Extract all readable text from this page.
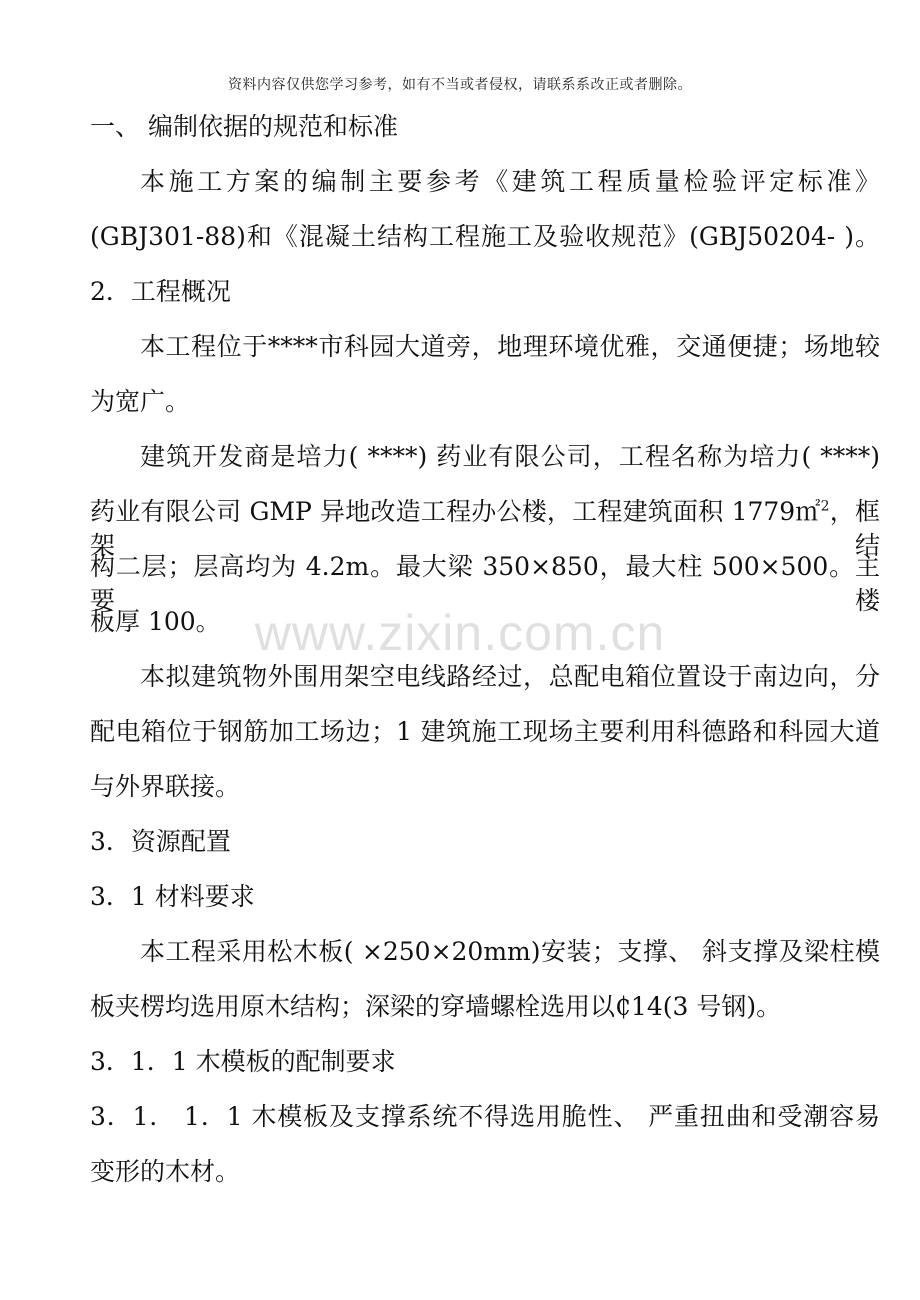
资料内容仅供您学习参考，如有不当或者侵权，请联系系改正或者删除。
一、 编制依据的规范和标准
本施工方案的编制主要参考《建筑工程质量检验评定标准》
(GBJ301-88)和《混凝土结构工程施工及验收规范》(GBJ50204- )。
2．工程概况
本工程位于****市科园大道旁，地理环境优雅，交通便捷；场地较
为宽广。
建筑开发商是培力( ****) 药业有限公司，工程名称为培力( ****)
药业有限公司 GMP 异地改造工程办公楼，工程建筑面积 1779㎡$^2$，框架结
构二层；层高均为 4.2m。最大梁 350×850，最大柱 500×500。主要楼
板厚 100。
本拟建筑物外围用架空电线路经过，总配电箱位置设于南边向，分
配电箱位于钢筋加工场边；1 建筑施工现场主要利用科德路和科园大道
与外界联接。
3．资源配置
3．1 材料要求
本工程采用松木板( ×250×20mm)安装；支撑、 斜支撑及梁柱模
板夹楞均选用原木结构；深梁的穿墙螺栓选用以₵14(3 号钢)。
3．1．1 木模板的配制要求
3．1． 1．1 木模板及支撑系统不得选用脆性、 严重扭曲和受潮容易
变形的木材。
www.zixin.com.cn
